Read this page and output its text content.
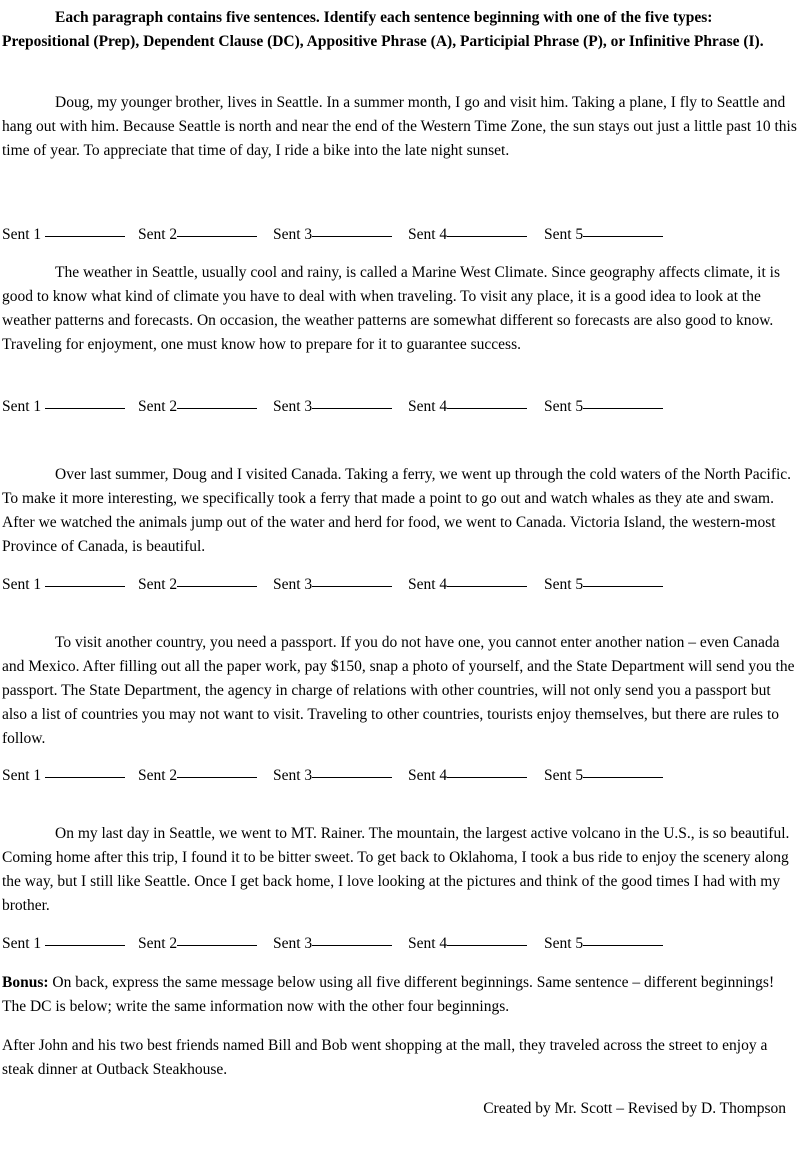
Each paragraph contains five sentences. Identify each sentence beginning with one of the five types: Prepositional (Prep), Dependent Clause (DC), Appositive Phrase (A), Participial Phrase (P), or Infinitive Phrase (I).

Doug, my younger brother, lives in Seattle. In a summer month, I go and visit him. Taking a plane, I fly to Seattle and hang out with him. Because Seattle is north and near the end of the Western Time Zone, the sun stays out just a little past 10 this time of year. To appreciate that time of day, I ride a bike into the late night sunset.

Sent 1	Sent 2	Sent 3	Sent 4	Sent 5

The weather in Seattle, usually cool and rainy, is called a Marine West Climate. Since geography affects climate, it is good to know what kind of climate you have to deal with when traveling. To visit any place, it is a good idea to look at the weather patterns and forecasts. On occasion, the weather patterns are somewhat different so forecasts are also good to know. Traveling for enjoyment, one must know how to prepare for it to guarantee success.

Sent 1	Sent 2	Sent 3	Sent 4	Sent 5

Over last summer, Doug and I visited Canada. Taking a ferry, we went up through the cold waters of the North Pacific. To make it more interesting, we specifically took a ferry that made a point to go out and watch whales as they ate and swam. After we watched the animals jump out of the water and herd for food, we went to Canada. Victoria Island, the western-most Province of Canada, is beautiful.

Sent 1	Sent 2	Sent 3	Sent 4	Sent 5

To visit another country, you need a passport. If you do not have one, you cannot enter another nation – even Canada and Mexico. After filling out all the paper work, pay $150, snap a photo of yourself, and the State Department will send you the passport. The State Department, the agency in charge of relations with other countries, will not only send you a passport but also a list of countries you may not want to visit. Traveling to other countries, tourists enjoy themselves, but there are rules to follow.

Sent 1	Sent 2	Sent 3	Sent 4	Sent 5

On my last day in Seattle, we went to MT. Rainer. The mountain, the largest active volcano in the U.S., is so beautiful. Coming home after this trip, I found it to be bitter sweet. To get back to Oklahoma, I took a bus ride to enjoy the scenery along the way, but I still like Seattle. Once I get back home, I love looking at the pictures and think of the good times I had with my brother.

Sent 1	Sent 2	Sent 3	Sent 4	Sent 5

Bonus: On back, express the same message below using all five different beginnings. Same sentence – different beginnings! The DC is below; write the same information now with the other four beginnings.

After John and his two best friends named Bill and Bob went shopping at the mall, they traveled across the street to enjoy a steak dinner at Outback Steakhouse.

Created by Mr. Scott – Revised by D. Thompson
